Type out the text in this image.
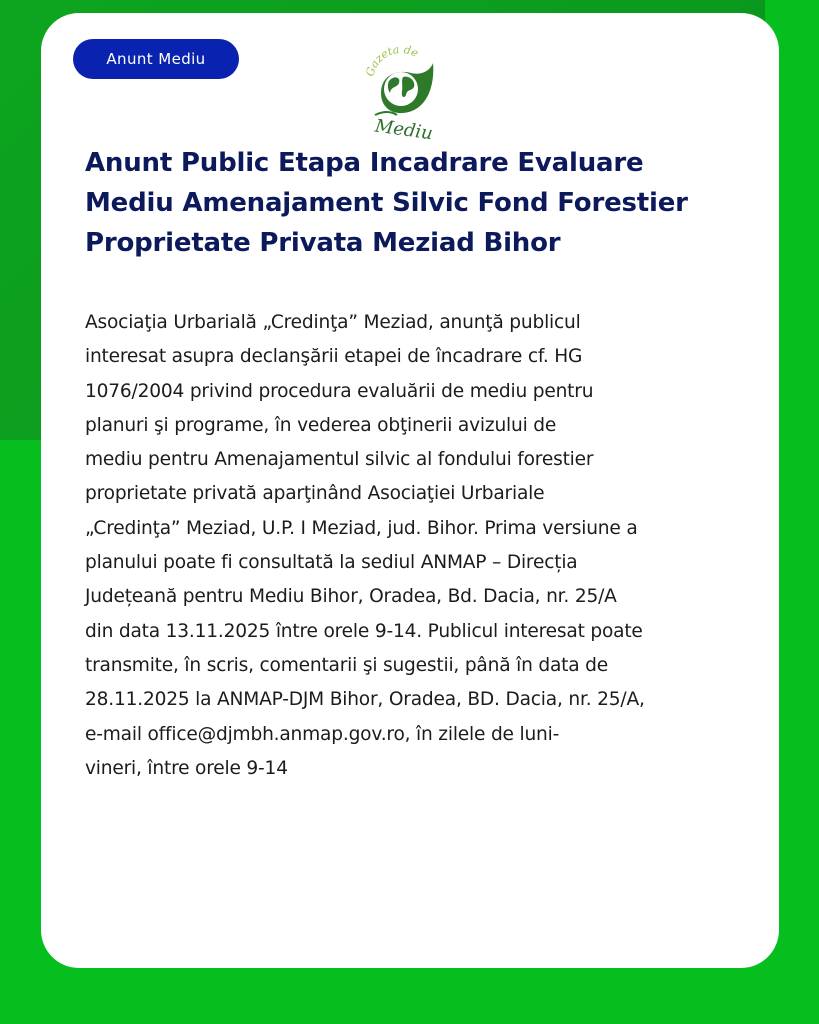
Anunt Mediu
Gazeta de
Mediu
Anunt Public Etapa Incadrare Evaluare
Mediu Amenajament Silvic Fond Forestier
Proprietate Privata Meziad Bihor
Asociaţia Urbarială „Credinţa” Meziad, anunţă publicul
interesat asupra declanşării etapei de încadrare cf. HG
1076/2004 privind procedura evaluării de mediu pentru
planuri şi programe, în vederea obţinerii avizului de
mediu pentru Amenajamentul silvic al fondului forestier
proprietate privată aparţinând Asociaţiei Urbariale
„Credinţa” Meziad, U.P. I Meziad, jud. Bihor. Prima versiune a
planului poate fi consultată la sediul ANMAP – Direcția
Județeană pentru Mediu Bihor, Oradea, Bd. Dacia, nr. 25/A
din data 13.11.2025 între orele 9-14. Publicul interesat poate
transmite, în scris, comentarii şi sugestii, până în data de
28.11.2025 la ANMAP-DJM Bihor, Oradea, BD. Dacia, nr. 25/A,
e-mail office@djmbh.anmap.gov.ro, în zilele de luni-
vineri, între orele 9-14
